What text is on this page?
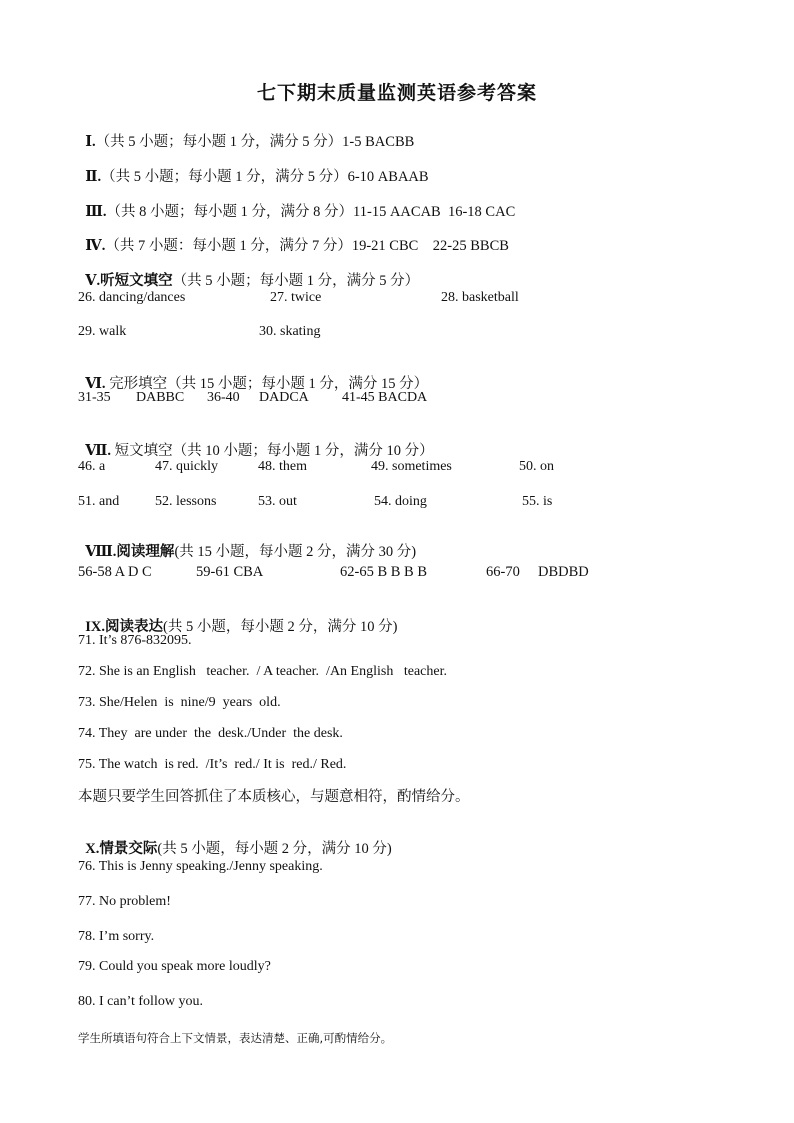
七下期末质量监测英语参考答案

Ⅰ.（共 5 小题；每小题 1 分，满分 5 分）1-5 BACBB

Ⅱ.（共 5 小题；每小题 1 分，满分 5 分）6-10 ABAAB

Ⅲ.（共 8 小题；每小题 1 分，满分 8 分）11-15 AACAB  16-18 CAC

Ⅳ.（共 7 小题：每小题 1 分，满分 7 分）19-21 CBC    22-25 BBCB

Ⅴ.听短文填空（共 5 小题；每小题 1 分，满分 5 分）

26. dancing/dances	27. twice	28. basketball
29. walk	30. skating

Ⅵ. 完形填空（共 15 小题；每小题 1 分，满分 15 分）

31-35 DABBC 36-40 DADCA 41-45 BACDA

Ⅶ. 短文填空（共 10 小题；每小题 1 分，满分 10 分）

46. a	47. quickly	48. them	49. sometimes	50. on
51. and	52. lessons	53. out	54. doing	55. is

Ⅷ.阅读理解(共 15 小题，每小题 2 分，满分 30 分)

56-58 A D C	59-61 CBA	62-65 B B B B	66-70 DBDBD

IX.阅读表达(共 5 小题，每小题 2 分，满分 10 分)

71. It’s 876-832095.
72. She is an English   teacher.  / A teacher.  /An English   teacher.
73. She/Helen  is  nine/9  years  old.
74. They  are under  the  desk./Under  the desk.
75. The watch  is red.  /It’s  red./ It is  red./ Red.
本题只要学生回答抓住了本质核心，与题意相符，酌情给分。

X.情景交际(共 5 小题，每小题 2 分，满分 10 分)

76. This is Jenny speaking./Jenny speaking.
77. No problem!
78. I’m sorry.
79. Could you speak more loudly?
80. I can’t follow you.
学生所填语句符合上下文情景，表达清楚、正确,可酌情给分。
